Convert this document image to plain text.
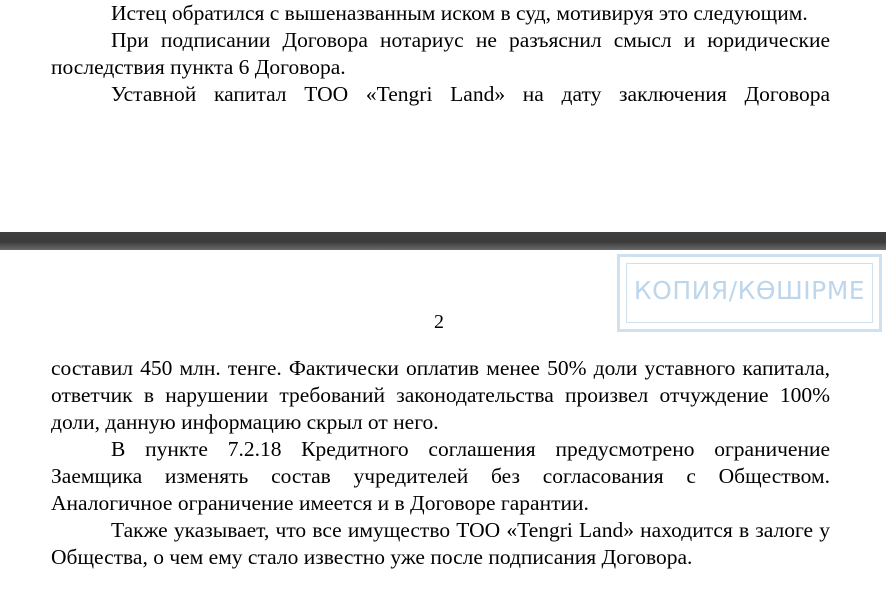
Истец обратился с вышеназванным иском в суд, мотивируя это следующим.

При подписании Договора нотариус не разъяснил смысл и юридические последствия пункта 6 Договора.

Уставной капитал ТОО «Tengri Land» на дату заключения Договора

КОПИЯ/КӨШІРМЕ
2

составил 450 млн. тенге. Фактически оплатив менее 50% доли уставного капитала, ответчик в нарушении требований законодательства произвел отчуждение 100% доли, данную информацию скрыл от него.

В пункте 7.2.18 Кредитного соглашения предусмотрено ограничение Заемщика изменять состав учредителей без согласования с Обществом. Аналогичное ограничение имеется и в Договоре гарантии.

Также указывает, что все имущество ТОО «Tengri Land» находится в залоге у Общества, о чем ему стало известно уже после подписания Договора.
